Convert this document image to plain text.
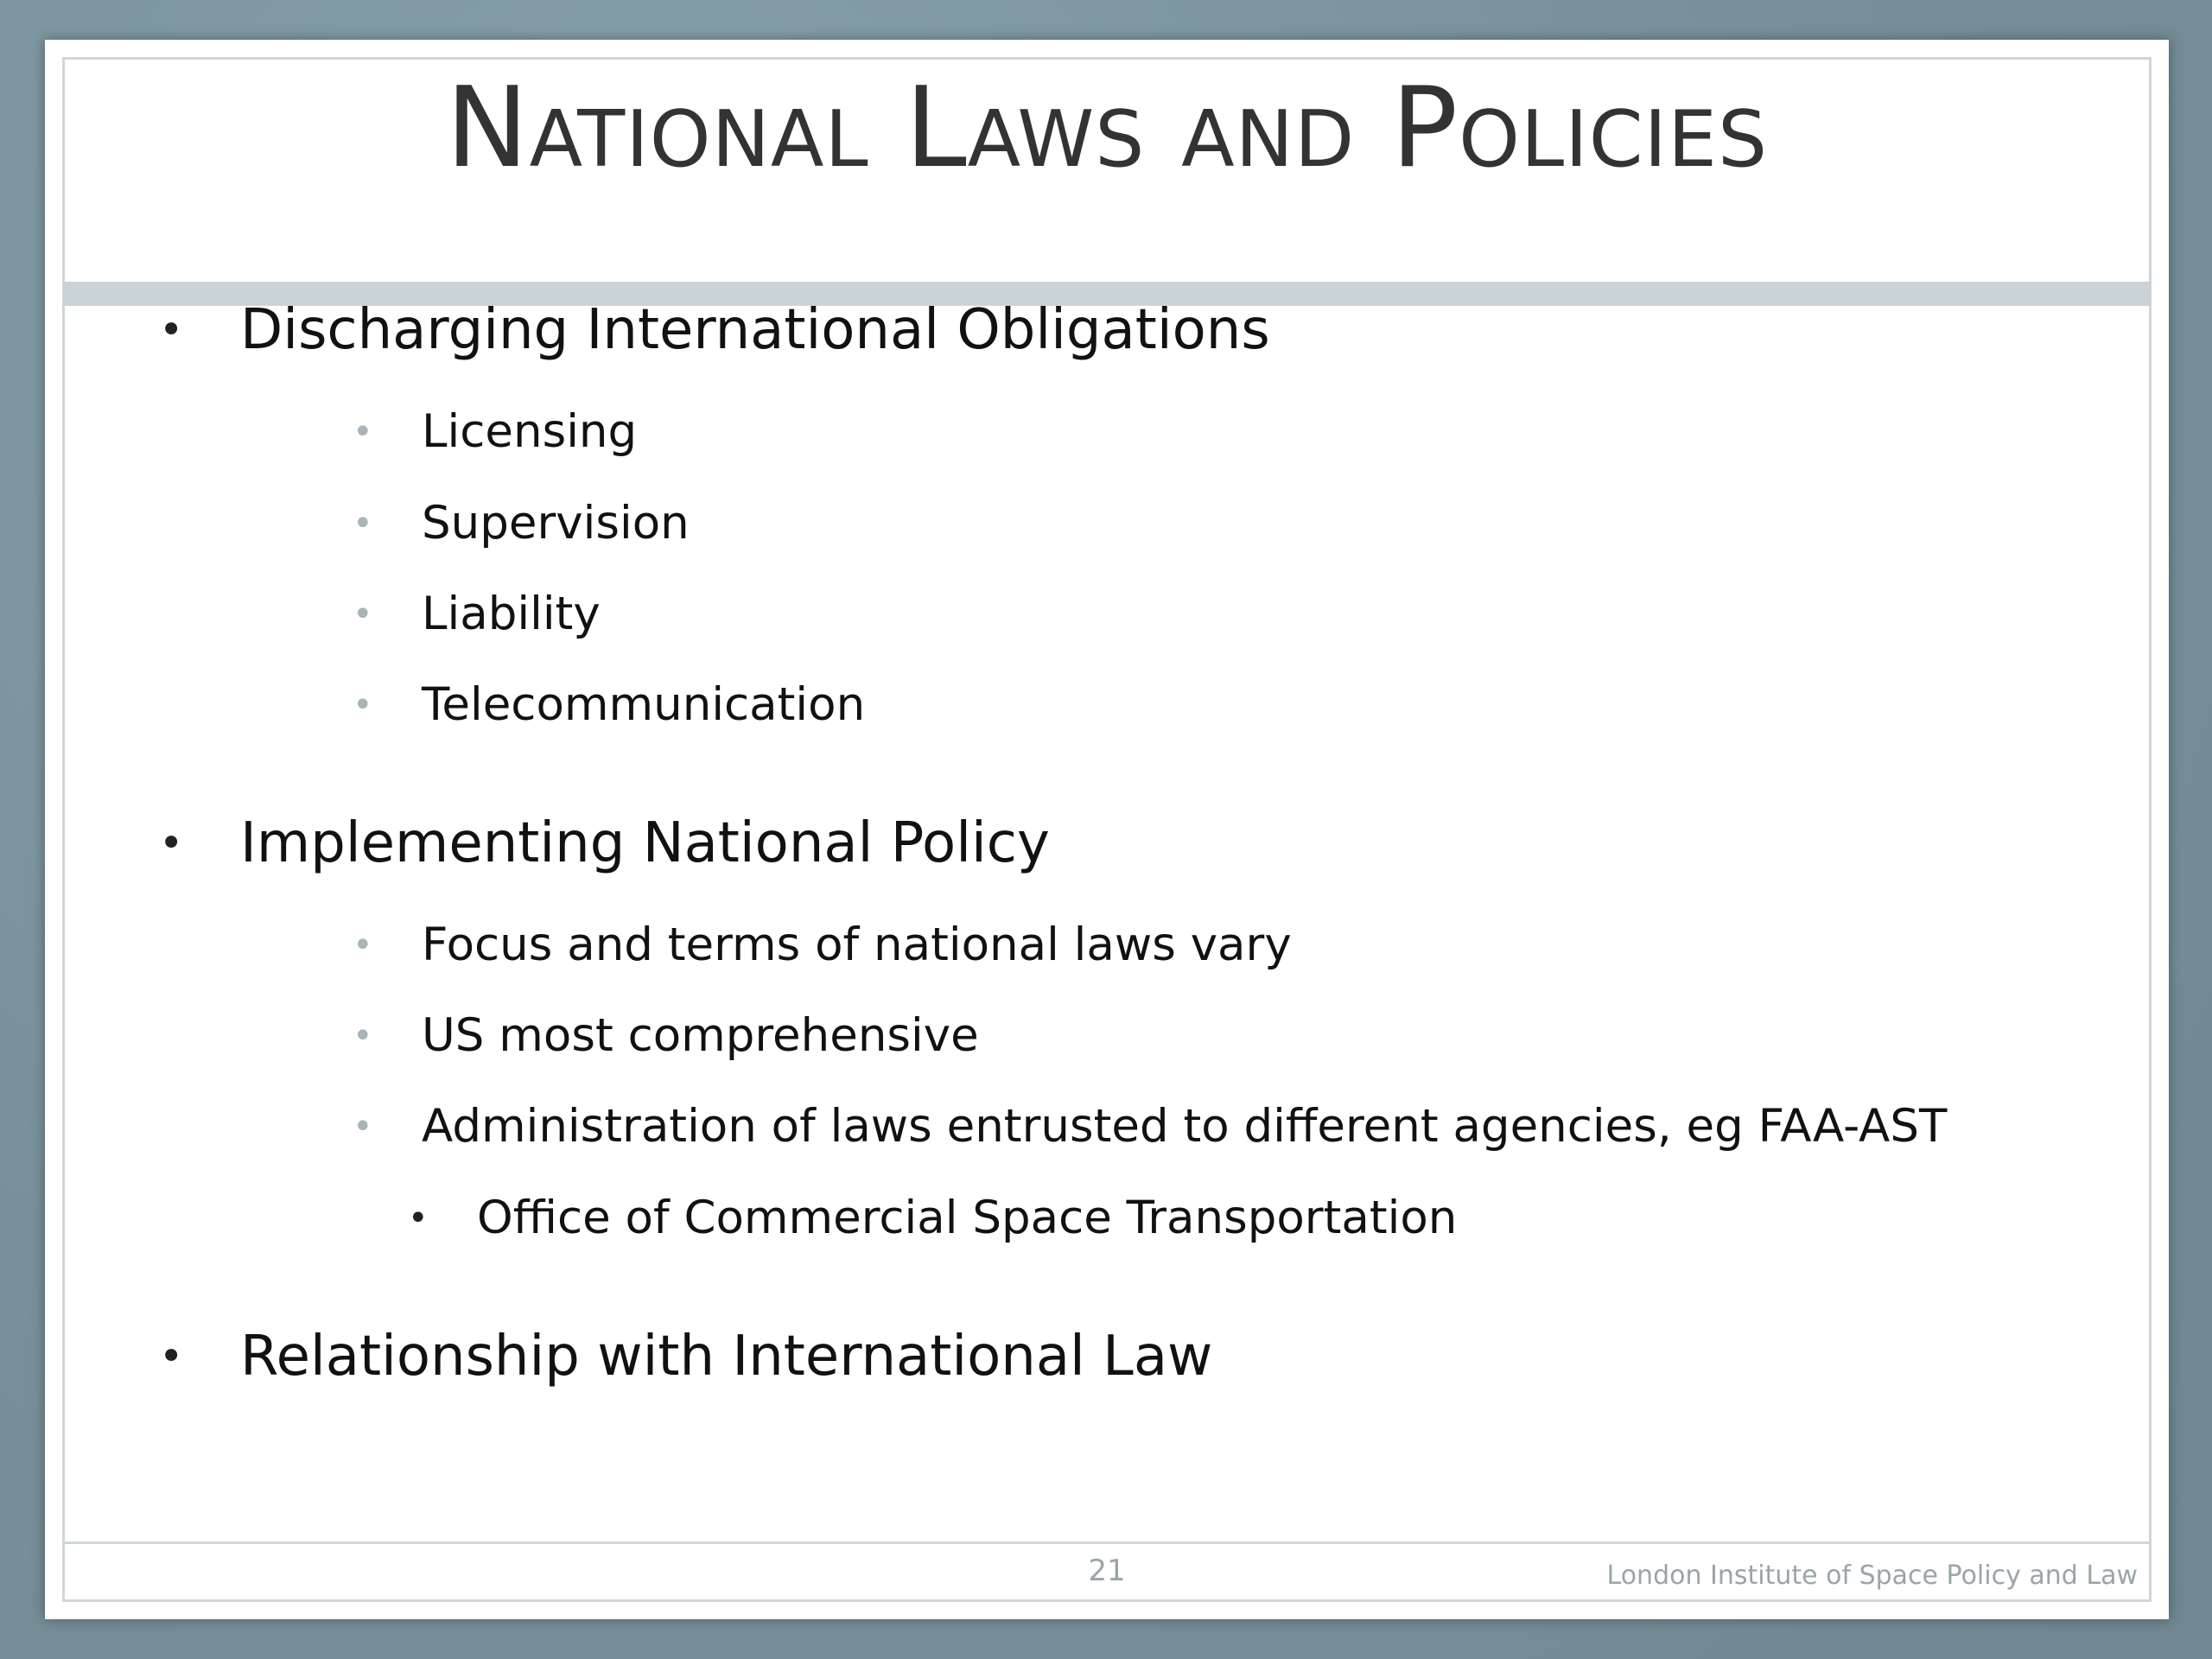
National Laws and Policies
• Discharging International Obligations
• Licensing
• Supervision
• Liability
• Telecommunication
• Implementing National Policy
• Focus and terms of national laws vary
• US most comprehensive
• Administration of laws entrusted to different agencies, eg FAA-AST
• Office of Commercial Space Transportation
• Relationship with International Law
21	London Institute of Space Policy and Law
